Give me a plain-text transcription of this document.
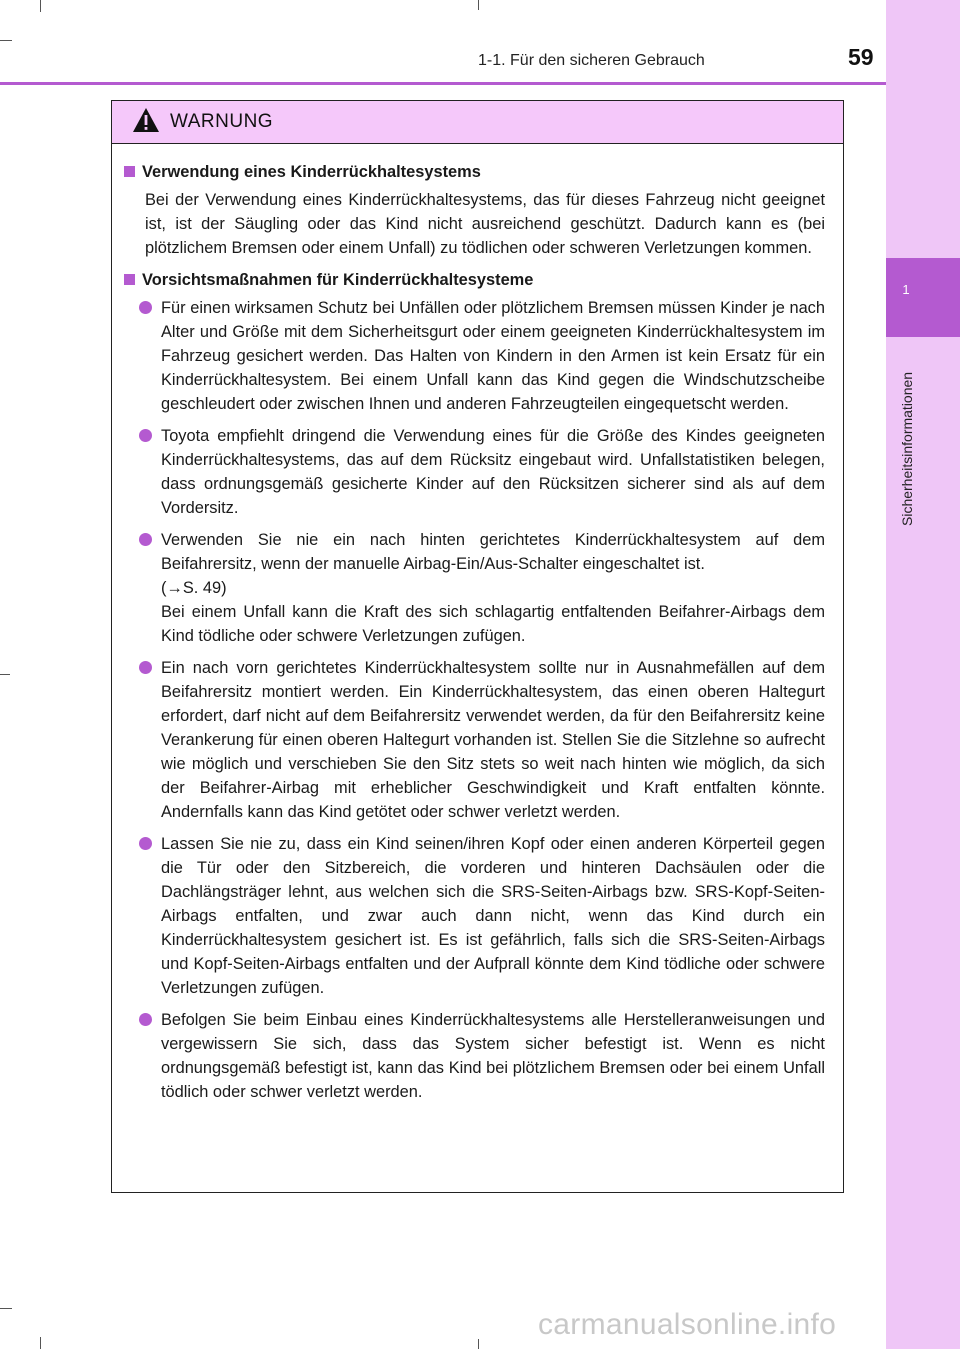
1-1. Für den sicheren Gebrauch	59
1
Sicherheitsinformationen
WARNUNG
Verwendung eines Kinderrückhaltesystems
Bei der Verwendung eines Kinderrückhaltesystems, das für dieses Fahrzeug nicht geeignet ist, ist der Säugling oder das Kind nicht ausreichend geschützt. Dadurch kann es (bei plötzlichem Bremsen oder einem Unfall) zu tödlichen oder schweren Verletzungen kommen.
Vorsichtsmaßnahmen für Kinderrückhaltesysteme
Für einen wirksamen Schutz bei Unfällen oder plötzlichem Bremsen müssen Kinder je nach Alter und Größe mit dem Sicherheitsgurt oder einem geeigneten Kinderrückhaltesystem im Fahrzeug gesichert werden. Das Halten von Kindern in den Armen ist kein Ersatz für ein Kinderrückhaltesystem. Bei einem Unfall kann das Kind gegen die Windschutzscheibe geschleudert oder zwischen Ihnen und anderen Fahrzeugteilen eingequetscht werden.
Toyota empfiehlt dringend die Verwendung eines für die Größe des Kindes geeigneten Kinderrückhaltesystems, das auf dem Rücksitz eingebaut wird. Unfallstatistiken belegen, dass ordnungsgemäß gesicherte Kinder auf den Rücksitzen sicherer sind als auf dem Vordersitz.
Verwenden Sie nie ein nach hinten gerichtetes Kinderrückhaltesystem auf dem Beifahrersitz, wenn der manuelle Airbag-Ein/Aus-Schalter eingeschaltet ist.
(→S. 49)
Bei einem Unfall kann die Kraft des sich schlagartig entfaltenden Beifahrer-Airbags dem Kind tödliche oder schwere Verletzungen zufügen.
Ein nach vorn gerichtetes Kinderrückhaltesystem sollte nur in Ausnahmefällen auf dem Beifahrersitz montiert werden. Ein Kinderrückhaltesystem, das einen oberen Haltegurt erfordert, darf nicht auf dem Beifahrersitz verwendet werden, da für den Beifahrersitz keine Verankerung für einen oberen Haltegurt vorhanden ist. Stellen Sie die Sitzlehne so aufrecht wie möglich und verschieben Sie den Sitz stets so weit nach hinten wie möglich, da sich der Beifahrer-Airbag mit erheblicher Geschwindigkeit und Kraft entfalten könnte. Andernfalls kann das Kind getötet oder schwer verletzt werden.
Lassen Sie nie zu, dass ein Kind seinen/ihren Kopf oder einen anderen Körperteil gegen die Tür oder den Sitzbereich, die vorderen und hinteren Dachsäulen oder die Dachlängsträger lehnt, aus welchen sich die SRS-Seiten-Airbags bzw. SRS-Kopf-Seiten-Airbags entfalten, und zwar auch dann nicht, wenn das Kind durch ein Kinderrückhaltesystem gesichert ist. Es ist gefährlich, falls sich die SRS-Seiten-Airbags und Kopf-Seiten-Airbags entfalten und der Aufprall könnte dem Kind tödliche oder schwere Verletzungen zufügen.
Befolgen Sie beim Einbau eines Kinderrückhaltesystems alle Herstelleranweisungen und vergewissern Sie sich, dass das System sicher befestigt ist. Wenn es nicht ordnungsgemäß befestigt ist, kann das Kind bei plötzlichem Bremsen oder bei einem Unfall tödlich oder schwer verletzt werden.
carmanualsonline.info
